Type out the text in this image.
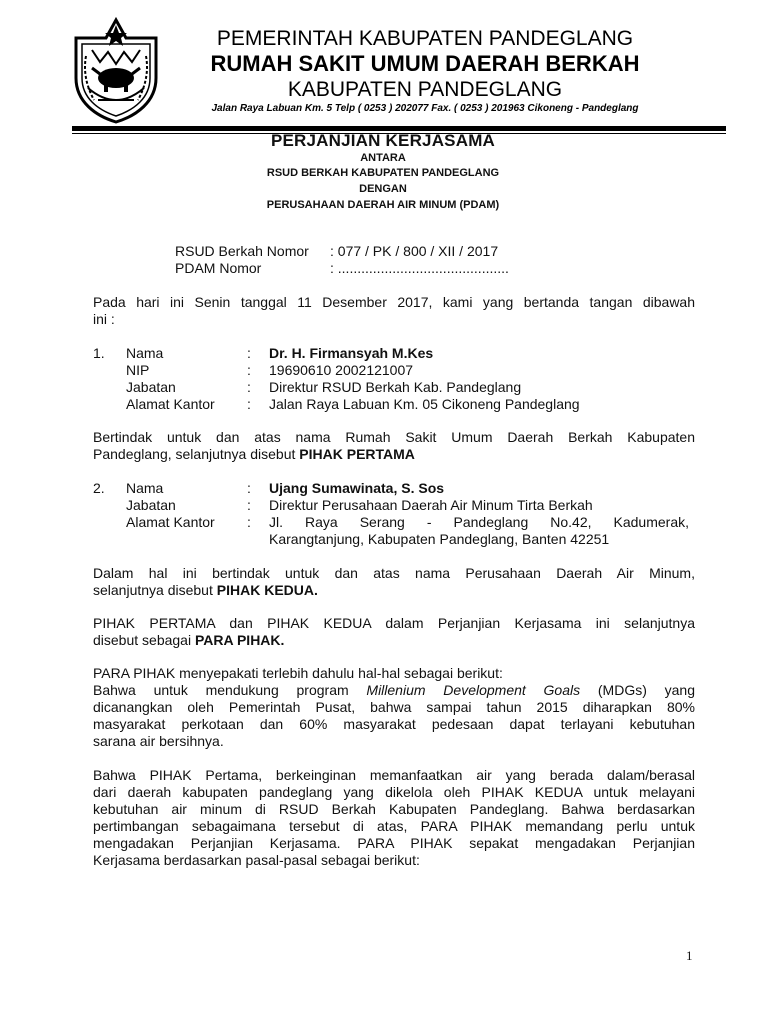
PEMERINTAH KABUPATEN PANDEGLANG
RUMAH SAKIT UMUM DAERAH BERKAH
KABUPATEN PANDEGLANG
Jalan Raya Labuan Km. 5 Telp ( 0253 ) 202077 Fax. ( 0253 ) 201963 Cikoneng - Pandeglang
PERJANJIAN KERJASAMA
ANTARA
RSUD BERKAH KABUPATEN PANDEGLANG
DENGAN
PERUSAHAAN DAERAH AIR MINUM (PDAM)
RSUD Berkah Nomor : 077 / PK / 800 / XII / 2017
PDAM Nomor	: ............................................
Pada hari ini Senin tanggal 11 Desember 2017, kami yang bertanda tangan dibawah
ini :
1. Nama	: Dr. H. Firmansyah M.Kes
NIP	: 19690610 2002121007
Jabatan	: Direktur RSUD Berkah Kab. Pandeglang
Alamat Kantor : Jalan Raya Labuan Km. 05 Cikoneng Pandeglang
Bertindak untuk dan atas nama Rumah Sakit Umum Daerah Berkah Kabupaten
Pandeglang, selanjutnya disebut PIHAK PERTAMA
2. Nama	: Ujang Sumawinata, S. Sos
Jabatan	: Direktur Perusahaan Daerah Air Minum Tirta Berkah
Alamat Kantor : Jl. Raya Serang - Pandeglang No.42, Kadumerak,
Karangtanjung, Kabupaten Pandeglang, Banten 42251
Dalam hal ini bertindak untuk dan atas nama Perusahaan Daerah Air Minum,
selanjutnya disebut PIHAK KEDUA.
PIHAK PERTAMA dan PIHAK KEDUA dalam Perjanjian Kerjasama ini selanjutnya
disebut sebagai PARA PIHAK.
PARA PIHAK menyepakati terlebih dahulu hal-hal sebagai berikut:
Bahwa untuk mendukung program Millenium Development Goals (MDGs) yang
dicanangkan oleh Pemerintah Pusat, bahwa sampai tahun 2015 diharapkan 80%
masyarakat perkotaan dan 60% masyarakat pedesaan dapat terlayani kebutuhan
sarana air bersihnya.
Bahwa PIHAK Pertama, berkeinginan memanfaatkan air yang berada dalam/berasal
dari daerah kabupaten pandeglang yang dikelola oleh PIHAK KEDUA untuk melayani
kebutuhan air minum di RSUD Berkah Kabupaten Pandeglang. Bahwa berdasarkan
pertimbangan sebagaimana tersebut di atas, PARA PIHAK memandang perlu untuk
mengadakan Perjanjian Kerjasama. PARA PIHAK sepakat mengadakan Perjanjian
Kerjasama berdasarkan pasal-pasal sebagai berikut:
1
